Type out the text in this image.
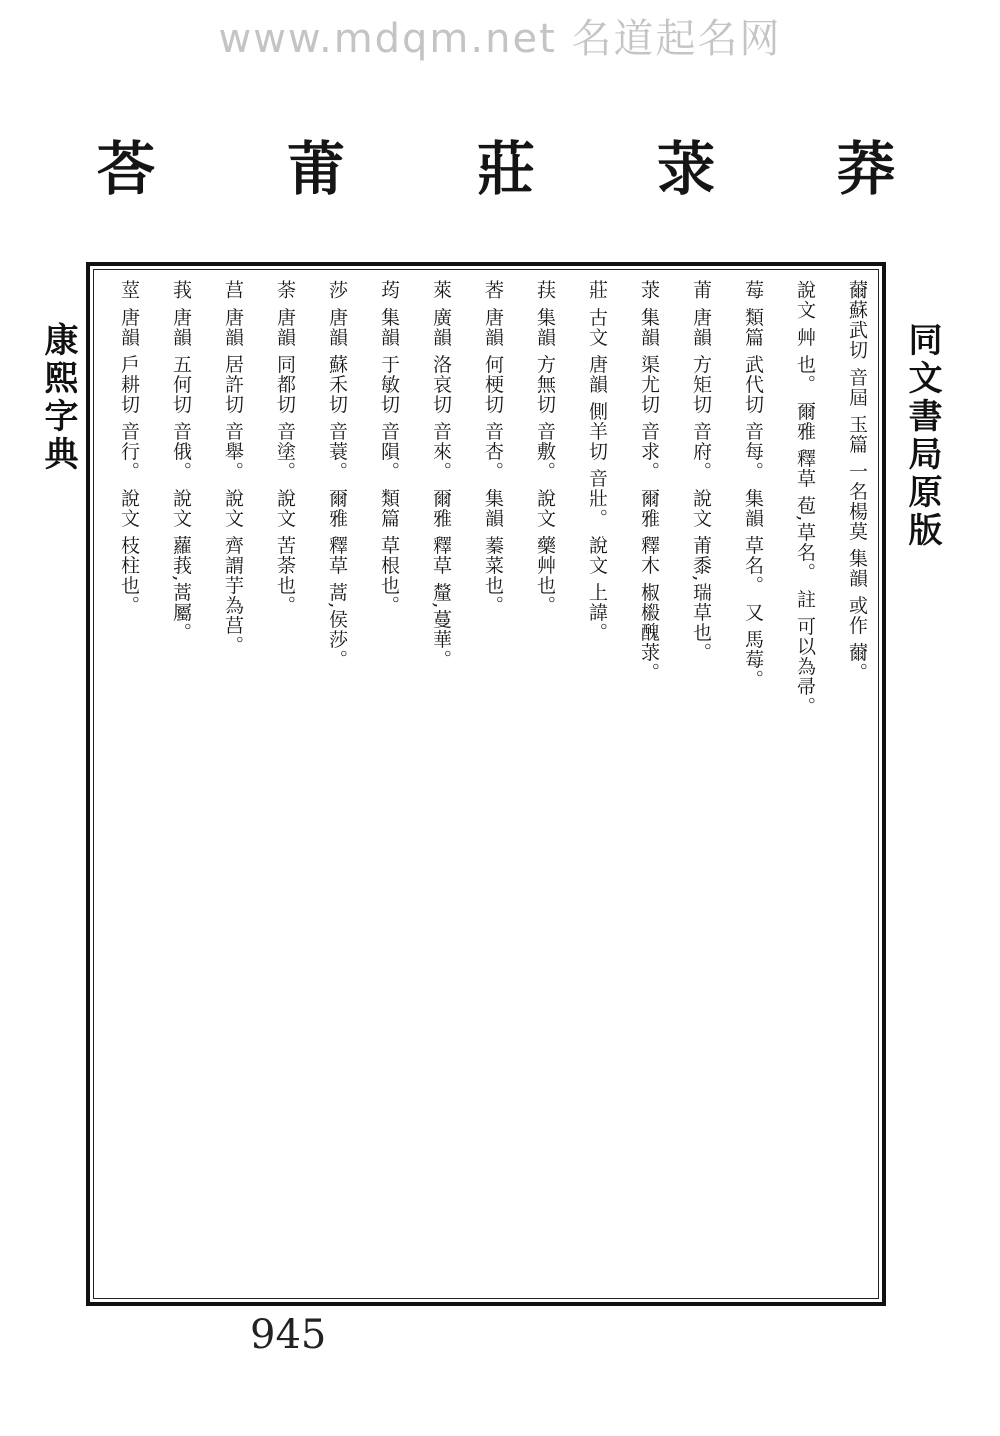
www.mdqm.net 名道起名网
荅 莆 莊 莍 莽
康熙字典	同文書局原版
薾蘇武切 音屆 玉篇 一名楊莫 集韻 或作 薾。
說文 艸 也。 爾雅 釋草 苞,草名。 註 可以為帚。
莓 類篇 武代切 音每。 集韻 草名。 又 馬莓。
莆 唐韻 方矩切 音府。 說文 莆黍,瑞草也。
莍 集韻 渠尤切 音求。 爾雅 釋木 椒榝醜莍。
莊 古文 唐韻 側羊切 音壯。 說文 上諱。
荴 集韻 方無切 音敷。 說文 藥艸也。
莕 唐韻 何梗切 音杏。 集韻 蓁菜也。
萊 廣韻 洛哀切 音來。 爾雅 釋草 釐,蔓華。
荺 集韻 于敏切 音隕。 類篇 草根也。
莎 唐韻 蘇禾切 音蓑。 爾雅 釋草 蒿,侯莎。
荼 唐韻 同都切 音塗。 說文 苦荼也。
莒 唐韻 居許切 音舉。 說文 齊謂芋為莒。
莪 唐韻 五何切 音俄。 說文 蘿莪,蒿屬。
莖 唐韻 戶耕切 音行。 說文 枝柱也。
945
